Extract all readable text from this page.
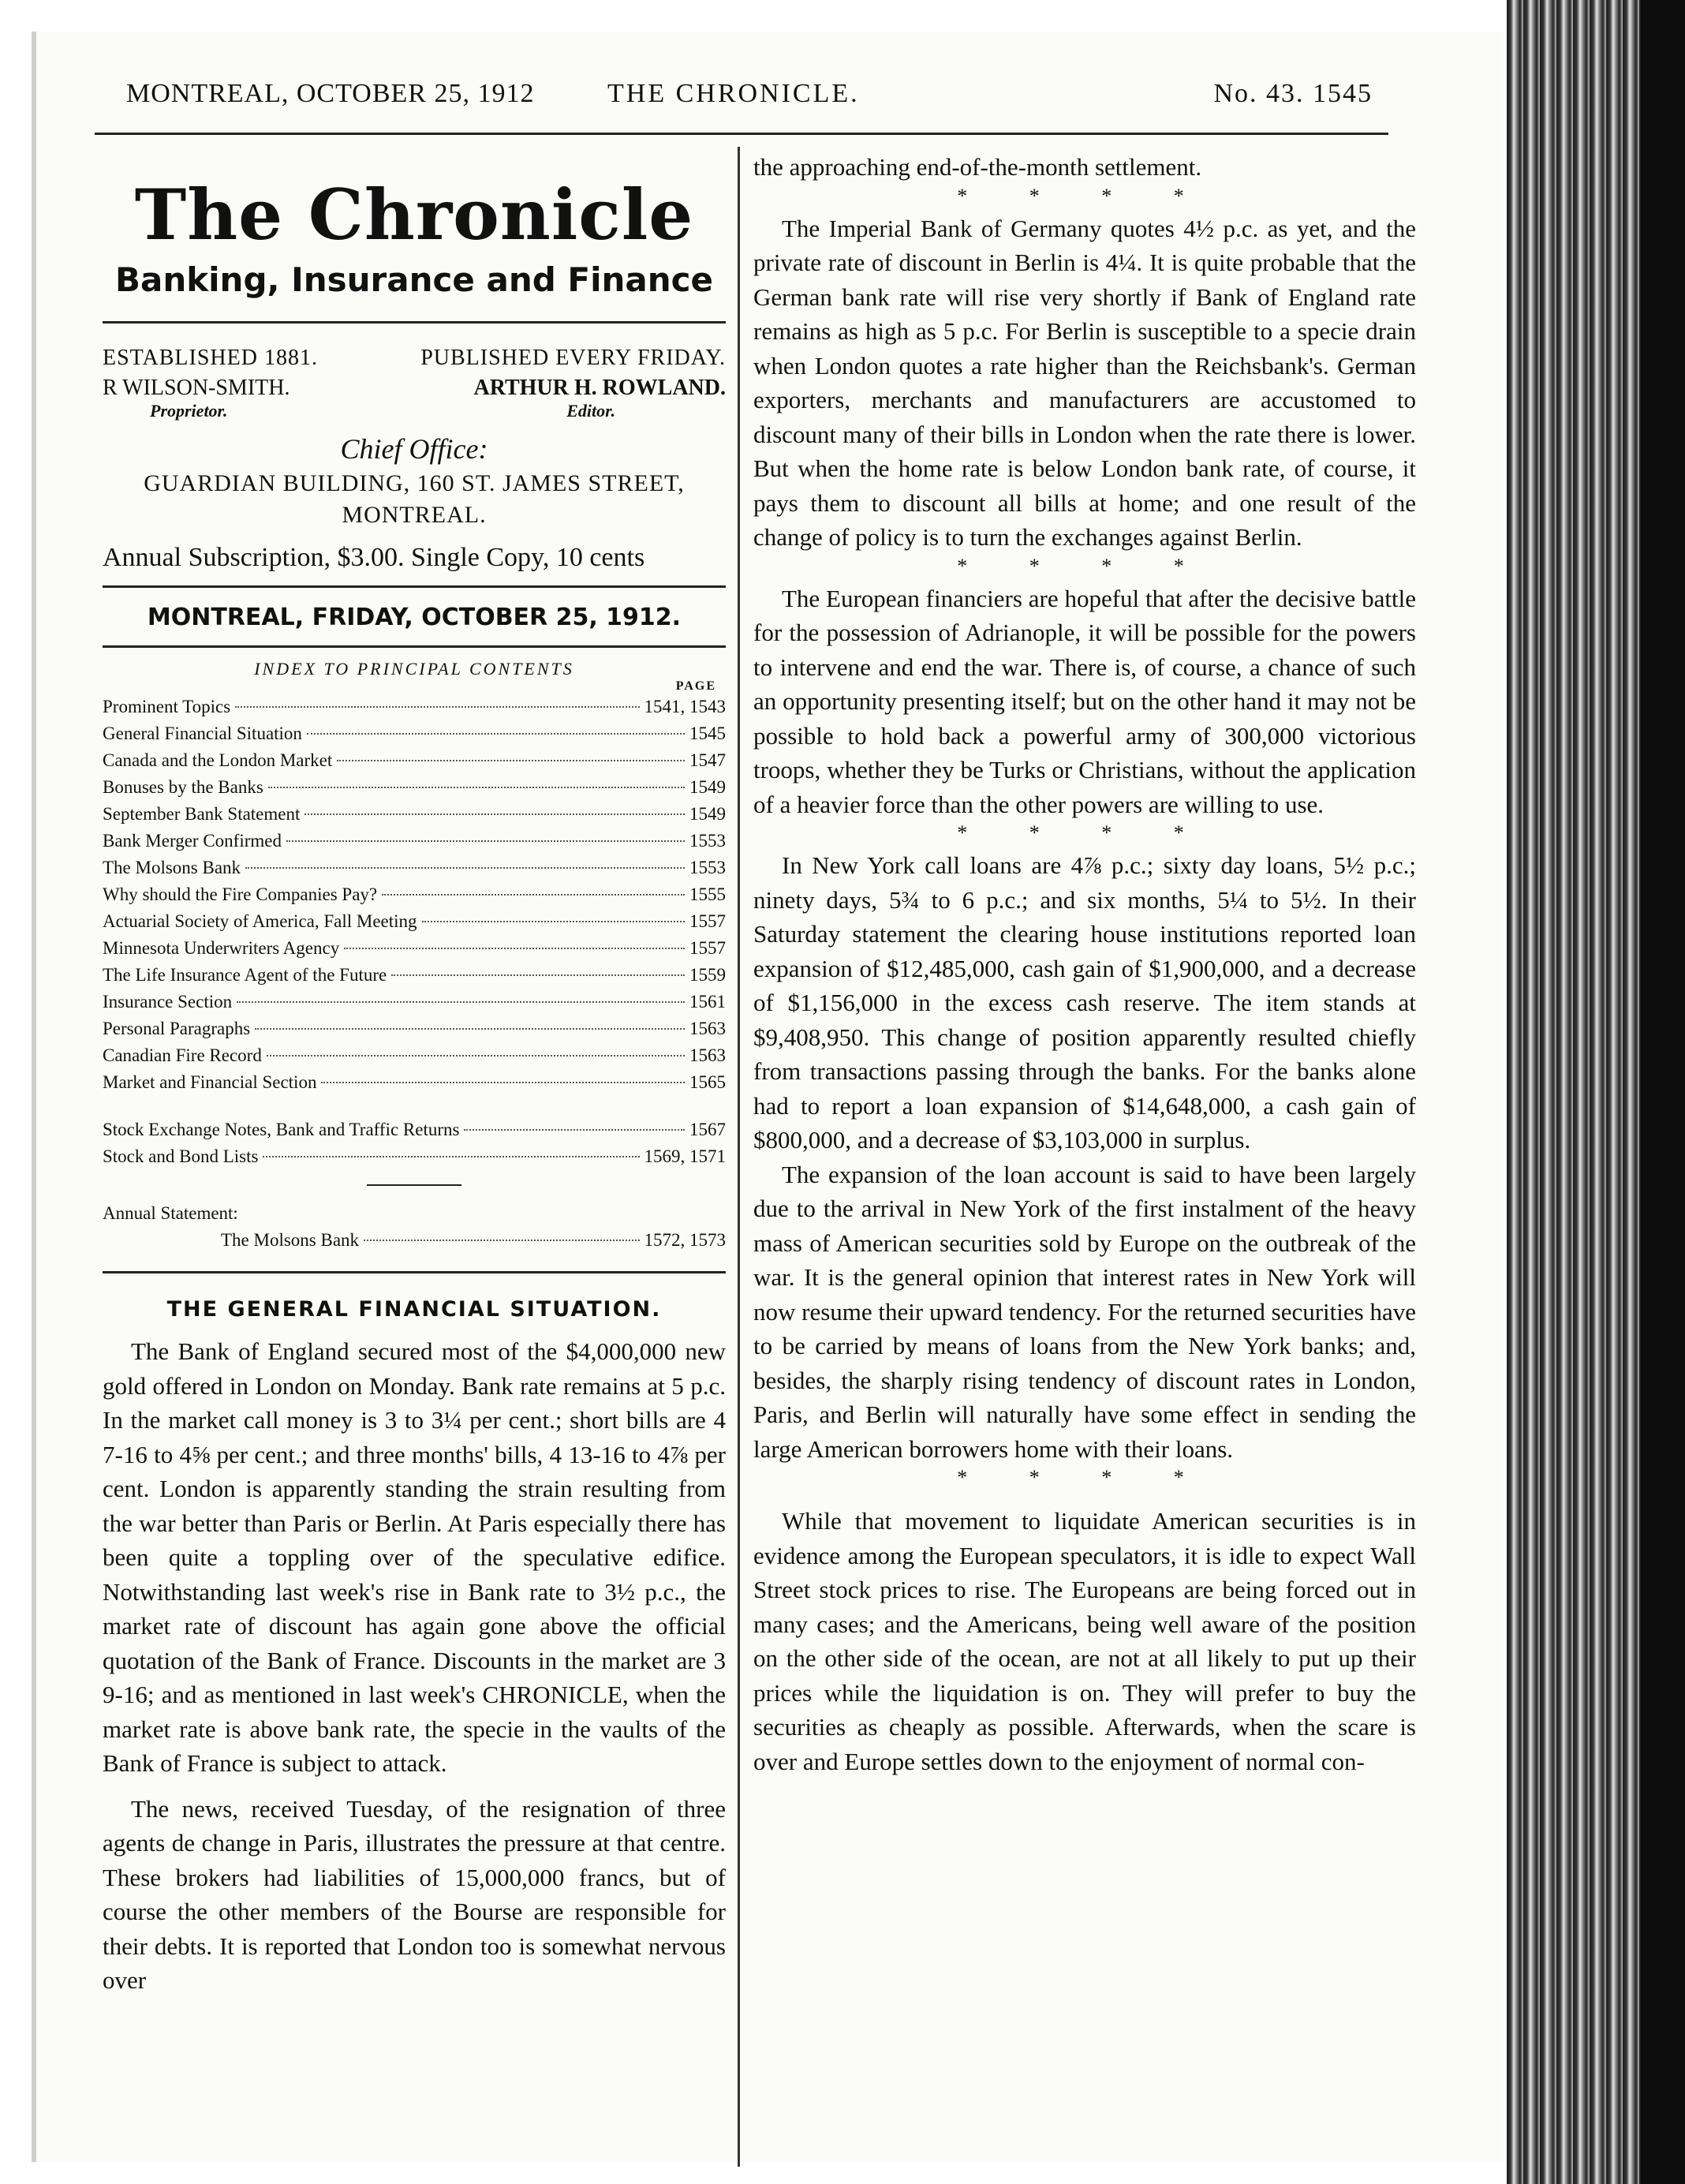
MONTREAL, OCTOBER 25, 1912	THE CHRONICLE.	No. 43. 1545
The Chronicle
Banking, Insurance and Finance
ESTABLISHED 1881.	PUBLISHED EVERY FRIDAY.
R WILSON-SMITH.
Proprietor.
ARTHUR H. ROWLAND.
Editor.
Chief Office:
GUARDIAN BUILDING, 160 ST. JAMES STREET,
MONTREAL.
Annual Subscription, $3.00. Single Copy, 10 cents
MONTREAL, FRIDAY, OCTOBER 25, 1912.
INDEX TO PRINCIPAL CONTENTS
PAGE
Prominent Topics	1541, 1543
General Financial Situation	1545
Canada and the London Market	1547
Bonuses by the Banks	1549
September Bank Statement	1549
Bank Merger Confirmed	1553
The Molsons Bank	1553
Why should the Fire Companies Pay?	1555
Actuarial Society of America, Fall Meeting	1557
Minnesota Underwriters Agency	1557
The Life Insurance Agent of the Future	1559
Insurance Section	1561
Personal Paragraphs	1563
Canadian Fire Record	1563
Market and Financial Section	1565
Stock Exchange Notes, Bank and Traffic Returns	1567
Stock and Bond Lists	1569, 1571
Annual Statement:
The Molsons Bank	1572, 1573
THE GENERAL FINANCIAL SITUATION.

The Bank of England secured most of the $4,000,000 new gold offered in London on Monday. Bank rate remains at 5 p.c. In the market call money is 3 to 3¼ per cent.; short bills are 4 7-16 to 4⅝ per cent.; and three months' bills, 4 13-16 to 4⅞ per cent. London is apparently standing the strain resulting from the war better than Paris or Berlin. At Paris especially there has been quite a toppling over of the speculative edifice. Notwithstanding last week's rise in Bank rate to 3½ p.c., the market rate of discount has again gone above the official quotation of the Bank of France. Discounts in the market are 3 9-16; and as mentioned in last week's CHRONICLE, when the market rate is above bank rate, the specie in the vaults of the Bank of France is subject to attack.

The news, received Tuesday, of the resignation of three agents de change in Paris, illustrates the pressure at that centre. These brokers had liabilities of 15,000,000 francs, but of course the other members of the Bourse are responsible for their debts. It is reported that London too is somewhat nervous over

the approaching end-of-the-month settlement.

* * * *

The Imperial Bank of Germany quotes 4½ p.c. as yet, and the private rate of discount in Berlin is 4¼. It is quite probable that the German bank rate will rise very shortly if Bank of England rate remains as high as 5 p.c. For Berlin is susceptible to a specie drain when London quotes a rate higher than the Reichsbank's. German exporters, merchants and manufacturers are accustomed to discount many of their bills in London when the rate there is lower. But when the home rate is below London bank rate, of course, it pays them to discount all bills at home; and one result of the change of policy is to turn the exchanges against Berlin.

* * * *

The European financiers are hopeful that after the decisive battle for the possession of Adrianople, it will be possible for the powers to intervene and end the war. There is, of course, a chance of such an opportunity presenting itself; but on the other hand it may not be possible to hold back a powerful army of 300,000 victorious troops, whether they be Turks or Christians, without the application of a heavier force than the other powers are willing to use.

* * * *

In New York call loans are 4⅞ p.c.; sixty day loans, 5½ p.c.; ninety days, 5¾ to 6 p.c.; and six months, 5¼ to 5½. In their Saturday statement the clearing house institutions reported loan expansion of $12,485,000, cash gain of $1,900,000, and a decrease of $1,156,000 in the excess cash reserve. The item stands at $9,408,950. This change of position apparently resulted chiefly from transactions passing through the banks. For the banks alone had to report a loan expansion of $14,648,000, a cash gain of $800,000, and a decrease of $3,103,000 in surplus.

The expansion of the loan account is said to have been largely due to the arrival in New York of the first instalment of the heavy mass of American securities sold by Europe on the outbreak of the war. It is the general opinion that interest rates in New York will now resume their upward tendency. For the returned securities have to be carried by means of loans from the New York banks; and, besides, the sharply rising tendency of discount rates in London, Paris, and Berlin will naturally have some effect in sending the large American borrowers home with their loans.

* * * *

While that movement to liquidate American securities is in evidence among the European speculators, it is idle to expect Wall Street stock prices to rise. The Europeans are being forced out in many cases; and the Americans, being well aware of the position on the other side of the ocean, are not at all likely to put up their prices while the liquidation is on. They will prefer to buy the securities as cheaply as possible. Afterwards, when the scare is over and Europe settles down to the enjoyment of normal con-
